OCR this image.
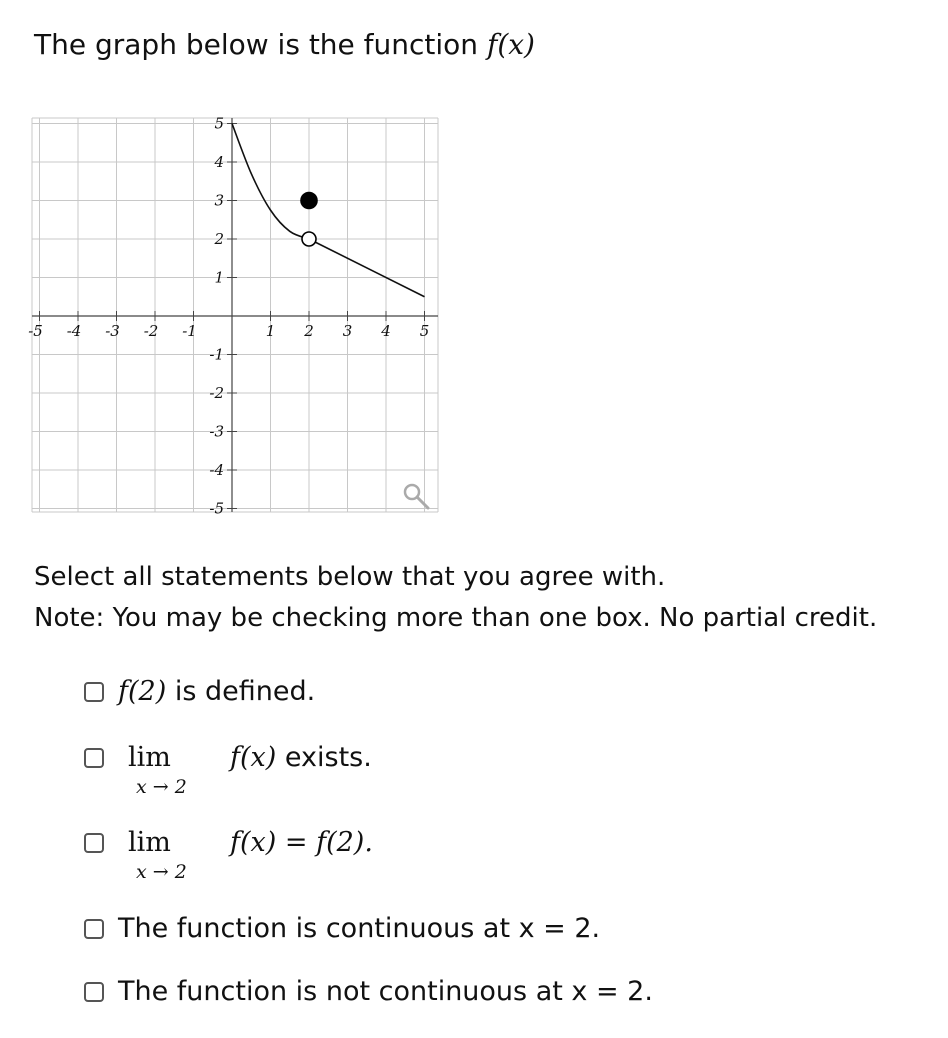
The graph below is the function f(x)
-5 -4 -3 -2 -1	1 2 3 4 5
5
4
3
2
1
-1
-2
-3
-4
-5
Select all statements below that you agree with.
Note: You may be checking more than one box. No partial credit.
f(2) is defined.
lim
x → 2
f(x) exists.
lim
x → 2
f(x) = f(2).
The function is continuous at x = 2.
The function is not continuous at x = 2.
